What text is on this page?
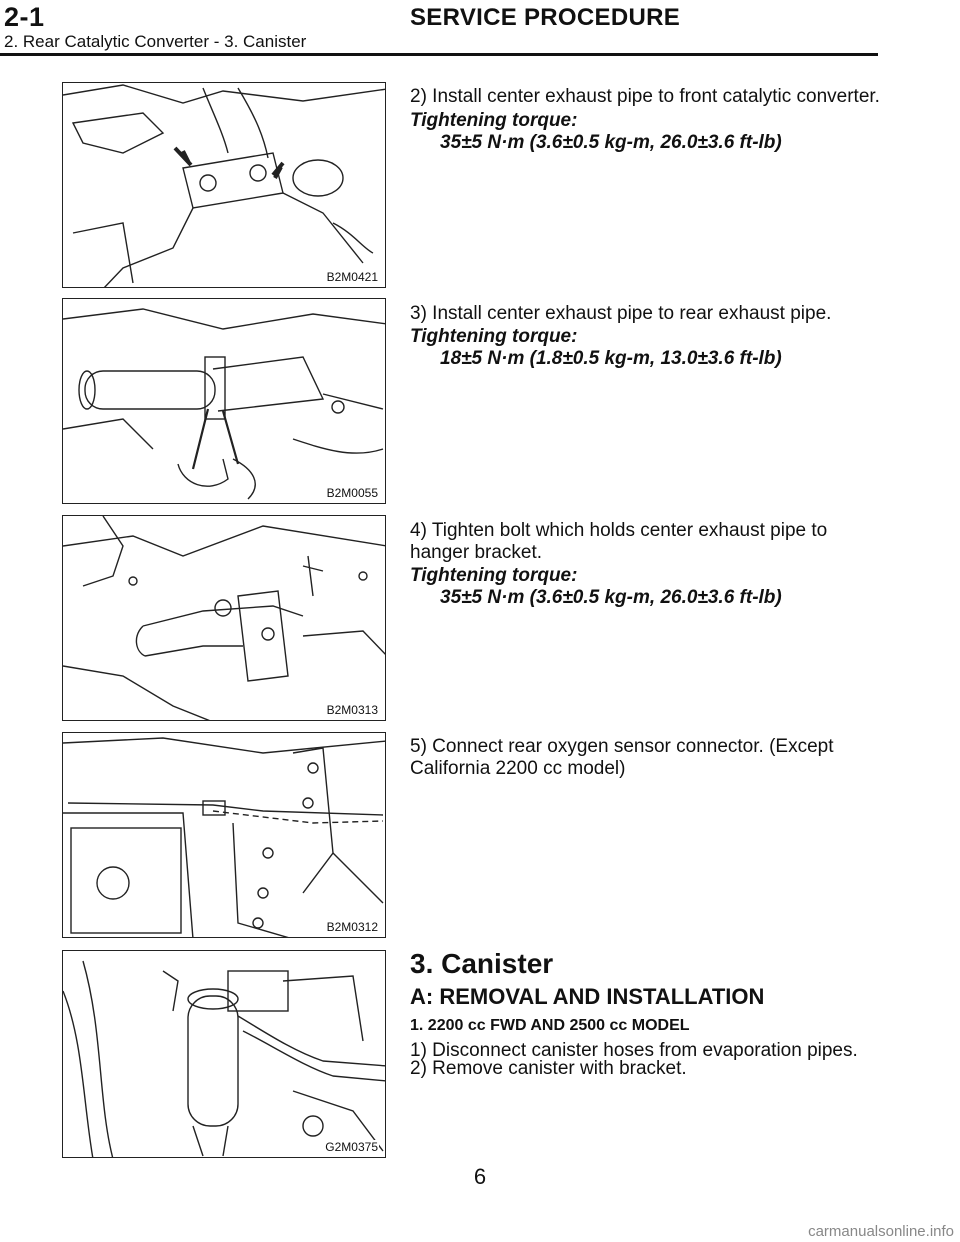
2-1	SERVICE PROCEDURE
2. Rear Catalytic Converter - 3. Canister
B2M0421
B2M0055
B2M0313
B2M0312
G2M0375
2) Install center exhaust pipe to front catalytic converter.
Tightening torque:
35±5 N·m (3.6±0.5 kg-m, 26.0±3.6 ft-lb)
3) Install center exhaust pipe to rear exhaust pipe.
Tightening torque:
18±5 N·m (1.8±0.5 kg-m, 13.0±3.6 ft-lb)
4) Tighten bolt which holds center exhaust pipe to hanger bracket.
Tightening torque:
35±5 N·m (3.6±0.5 kg-m, 26.0±3.6 ft-lb)
5) Connect rear oxygen sensor connector. (Except California 2200 cc model)
3. Canister
A: REMOVAL AND INSTALLATION
1. 2200 cc FWD AND 2500 cc MODEL
1) Disconnect canister hoses from evaporation pipes.
2) Remove canister with bracket.
6
carmanualsonline.info
